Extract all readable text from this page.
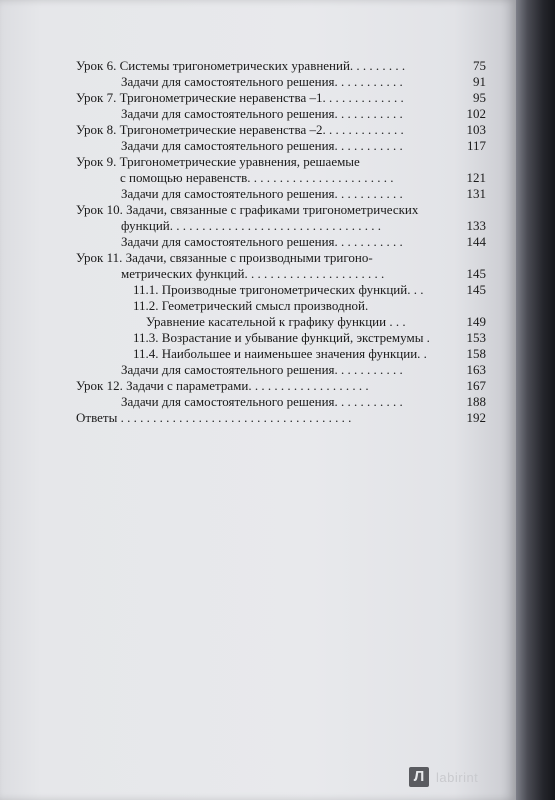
Урок 6. Системы тригонометрических уравнений. . . . . . . . .	75
Задачи для самостоятельного решения. . . . . . . . . . .	91
Урок 7. Тригонометрические неравенства –1. . . . . . . . . . . . .	95
Задачи для самостоятельного решения. . . . . . . . . . .	102
Урок 8. Тригонометрические неравенства –2. . . . . . . . . . . . .	103
Задачи для самостоятельного решения. . . . . . . . . . .	117
Урок 9. Тригонометрические уравнения, решаемые
с помощью неравенств. . . . . . . . . . . . . . . . . . . . . . .	121
Задачи для самостоятельного решения. . . . . . . . . . .	131
Урок 10. Задачи, связанные с графиками тригонометрических
функций. . . . . . . . . . . . . . . . . . . . . . . . . . . . . . . . .	133
Задачи для самостоятельного решения. . . . . . . . . . .	144
Урок 11. Задачи, связанные с производными тригоно-
метрических функций. . . . . . . . . . . . . . . . . . . . . .	145
11.1. Производные тригонометрических функций. . .	145
11.2. Геометрический смысл производной.
Уравнение касательной к графику функции . . .	149
11.3. Возрастание и убывание функций, экстремумы .	153
11.4. Наибольшее и наименьшее значения функции. .	158
Задачи для самостоятельного решения. . . . . . . . . . .	163
Урок 12. Задачи с параметрами. . . . . . . . . . . . . . . . . . .	167
Задачи для самостоятельного решения. . . . . . . . . . .	188
Ответы . . . . . . . . . . . . . . . . . . . . . . . . . . . . . . . . . . . .	192
Л labirint
